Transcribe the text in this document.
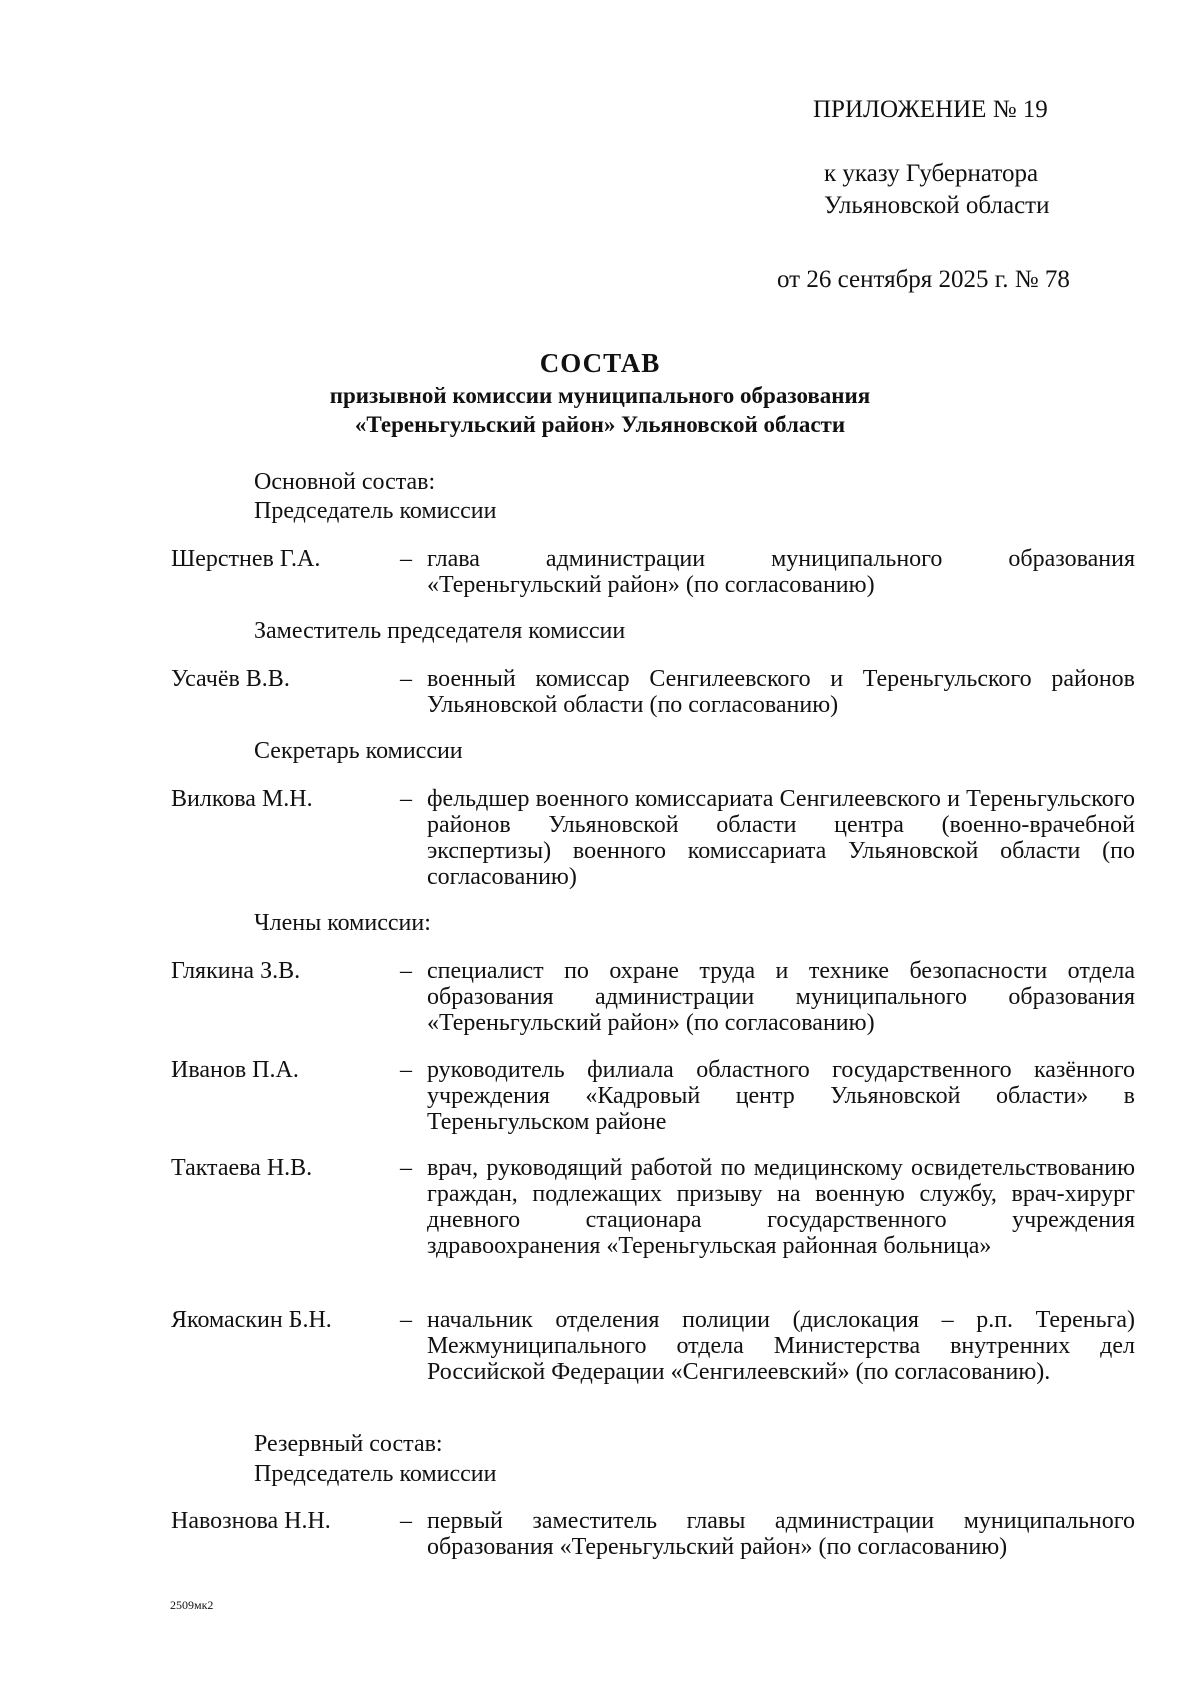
ПРИЛОЖЕНИЕ № 19
к указу Губернатора
Ульяновской области
от 26 сентября 2025 г. № 78
СОСТАВ
призывной комиссии муниципального образования
«Тереньгульский район» Ульяновской области
Основной состав:
Председатель комиссии
Шерстнев Г.А.	– глава администрации муниципального образования «Тереньгульский район» (по согласованию)
Заместитель председателя комиссии
Усачёв В.В.	– военный комиссар Сенгилеевского и Тереньгульского районов Ульяновской области (по согласованию)
Секретарь комиссии
Вилкова М.Н.	– фельдшер военного комиссариата Сенгилеевского и Тереньгульского районов Ульяновской области центра (военно-врачебной экспертизы) военного комиссариата Ульяновской области (по согласованию)
Члены комиссии:
Глякина З.В.	– специалист по охране труда и технике безопасности отдела образования администрации муниципального образования «Тереньгульский район» (по согласованию)
Иванов П.А.	– руководитель филиала областного государственного казённого учреждения «Кадровый центр Ульяновской области» в Тереньгульском районе
Тактаева Н.В.	– врач, руководящий работой по медицинскому освидетельствованию граждан, подлежащих призыву на военную службу, врач-хирург дневного стационара государственного учреждения здравоохранения «Тереньгульская районная больница»
Якомаскин Б.Н.	– начальник отделения полиции (дислокация – р.п. Тереньга) Межмуниципального отдела Министерства внутренних дел Российской Федерации «Сенгилеевский» (по согласованию).
Резервный состав:
Председатель комиссии
Навознова Н.Н.	– первый заместитель главы администрации муниципального образования «Тереньгульский район» (по согласованию)
2509мк2
